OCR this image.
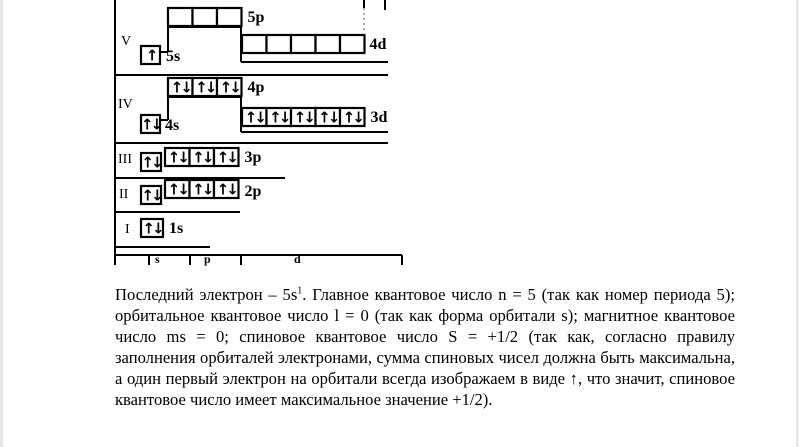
V
IV
III
II
I
5p
4d
↑ 5s
↑↓ ↑↓ ↑↓ 4p
↑↓ ↑↓ ↑↓ ↑↓ ↑↓ 3d
↑↓ 4s
↑↓ ↑↓ ↑↓ 3p
↑↓
↑↓ ↑↓ ↑↓ 2p
↑↓
↑↓ 1s
s	p	d
Последний электрон – $5s^1$. Главное квантовое число n = 5 (так как номер периода 5); орбитальное квантовое число l = 0 (так как форма орбитали s); магнитное квантовое число ms = 0; спиновое квантовое число S = +1/2 (так как, согласно правилу заполнения орбиталей электронами, сумма спиновых чисел должна быть максимальна, а один первый электрон на орбитали всегда изображаем в виде ↑, что значит, спиновое квантовое число имеет максимальное значение +1/2).
